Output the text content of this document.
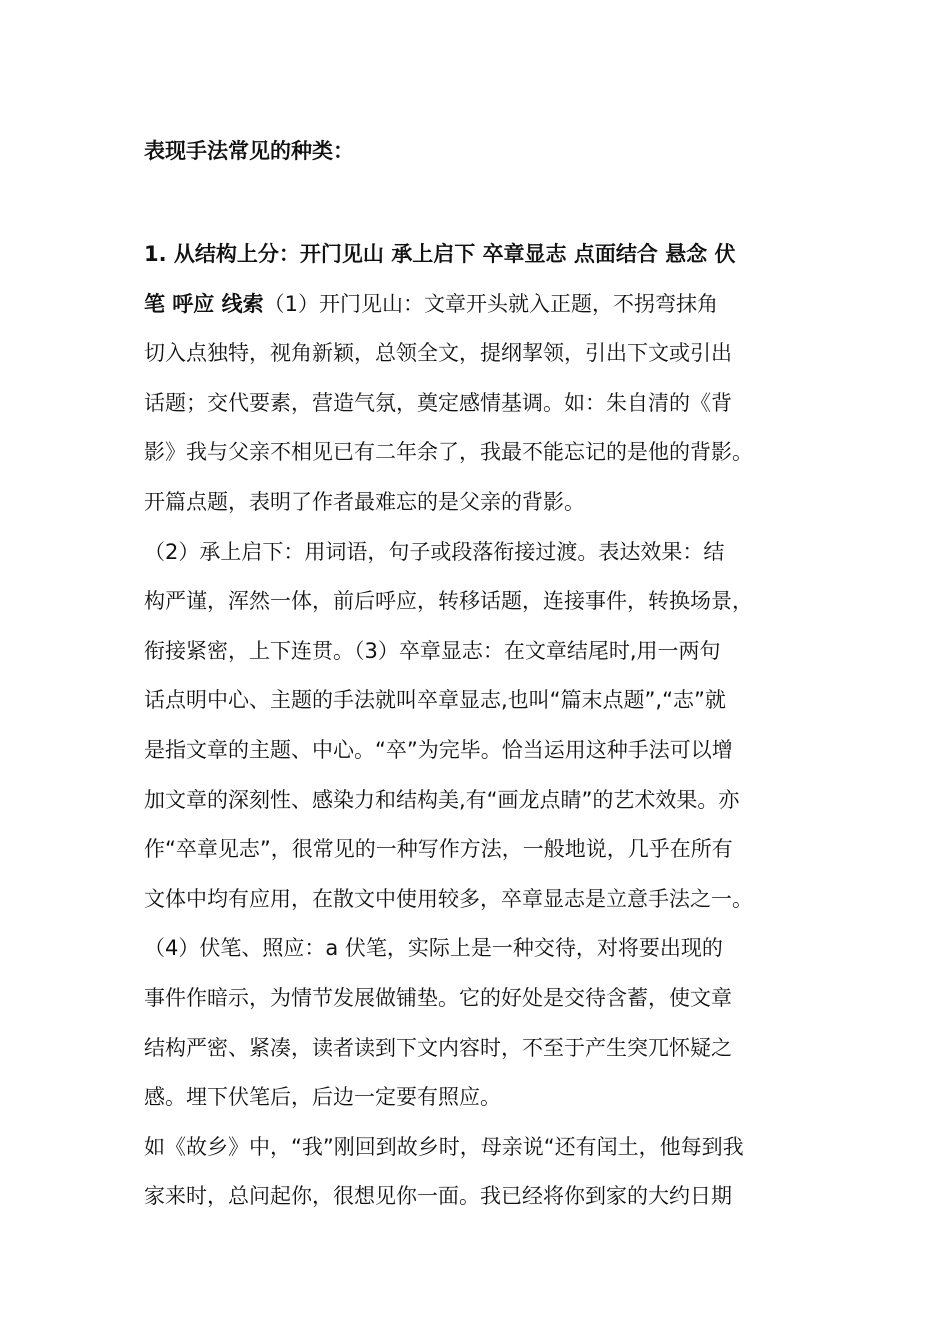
表现手法常见的种类：
1. 从结构上分：开门见山 承上启下 卒章显志 点面结合 悬念 伏
笔 呼应 线索（1）开门见山：文章开头就入正题，不拐弯抹角
切入点独特，视角新颖，总领全文，提纲挈领，引出下文或引出
话题；交代要素，营造气氛，奠定感情基调。如：朱自清的《背
影》我与父亲不相见已有二年余了，我最不能忘记的是他的背影。
开篇点题，表明了作者最难忘的是父亲的背影。
（2）承上启下：用词语，句子或段落衔接过渡。表达效果：结
构严谨，浑然一体，前后呼应，转移话题，连接事件，转换场景，
衔接紧密，上下连贯。（3）卒章显志：在文章结尾时,用一两句
话点明中心、主题的手法就叫卒章显志,也叫“篇末点题”,“志”就
是指文章的主题、中心。“卒”为完毕。恰当运用这种手法可以增
加文章的深刻性、感染力和结构美,有“画龙点睛”的艺术效果。亦
作“卒章见志”，很常见的一种写作方法，一般地说，几乎在所有
文体中均有应用，在散文中使用较多，卒章显志是立意手法之一。
（4）伏笔、照应：a 伏笔，实际上是一种交待，对将要出现的
事件作暗示，为情节发展做铺垫。它的好处是交待含蓄，使文章
结构严密、紧凑，读者读到下文内容时，不至于产生突兀怀疑之
感。埋下伏笔后，后边一定要有照应。
如《故乡》中，“我”刚回到故乡时，母亲说“还有闰土，他每到我
家来时，总问起你，很想见你一面。我已经将你到家的大约日期
